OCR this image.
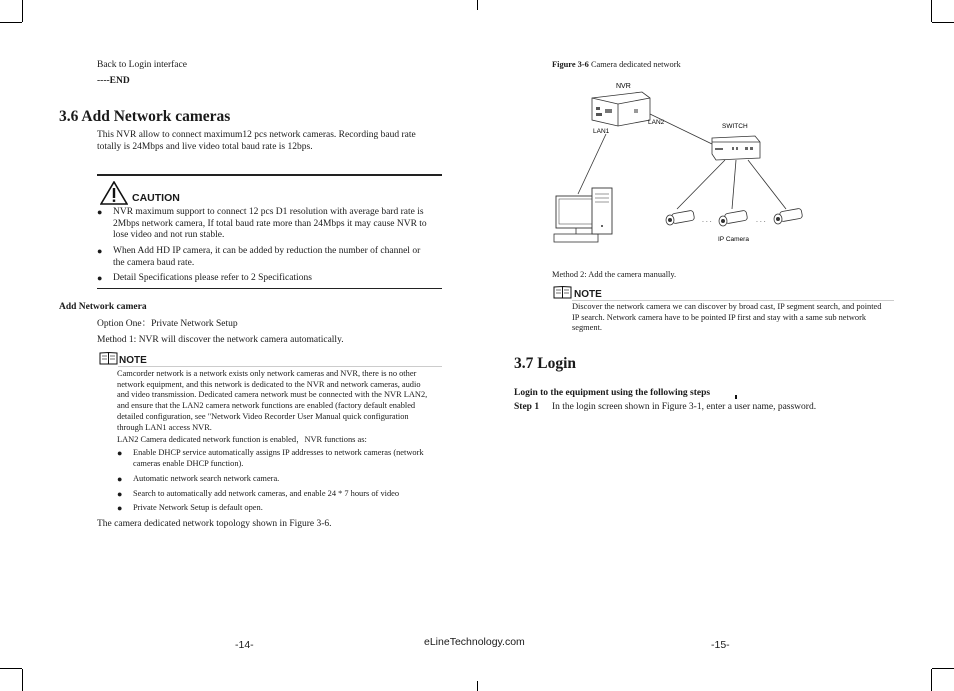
Back to Login interface
----END
3.6 Add Network cameras
This NVR allow to connect maximum12 pcs network cameras. Recording baud rate
totally is 24Mbps and live video total baud rate is 12bps.
CAUTION
●	NVR maximum support to connect 12 pcs D1 resolution with average bard rate is
2Mbps network camera, If total baud rate more than 24Mbps it may cause NVR to
lose video and not run stable.
●	When Add HD IP camera, it can be added by reduction the number of channel or
the camera baud rate.
●	Detail Specifications please refer to 2 Specifications
Add Network camera
Option One：Private Network Setup
Method 1: NVR will discover the network camera automatically.
NOTE
Camcorder network is a network exists only network cameras and NVR, there is no other
network equipment, and this network is dedicated to the NVR and network cameras, audio
and video transmission. Dedicated camera network must be connected with the NVR LAN2,
and ensure that the LAN2 camera network functions are enabled (factory default enabled
detailed configuration, see "Network Video Recorder User Manual quick configuration
through LAN1 access NVR.
LAN2 Camera dedicated network function is enabled，NVR functions as:
●	Enable DHCP service automatically assigns IP addresses to network cameras (network
cameras enable DHCP function).
●	Automatic network search network camera.
●	Search to automatically add network cameras, and enable 24 * 7 hours of video
●	Private Network Setup is default open.
The camera dedicated network topology shown in Figure 3-6.
-14-	eLineTechnology.com
Figure 3-6 Camera dedicated network
NVR
LAN1
LAN2
SWITCH
. . .	. . .
IP Camera
Method 2: Add the camera manually.
NOTE
Discover the network camera we can discover by broad cast, IP segment search, and pointed
IP search. Network camera have to be pointed IP first and stay with a same sub network
segment.
3.7 Login
Login to the equipment using the following steps
Step 1 In the login screen shown in Figure 3-1, enter a user name, password.
-15-
